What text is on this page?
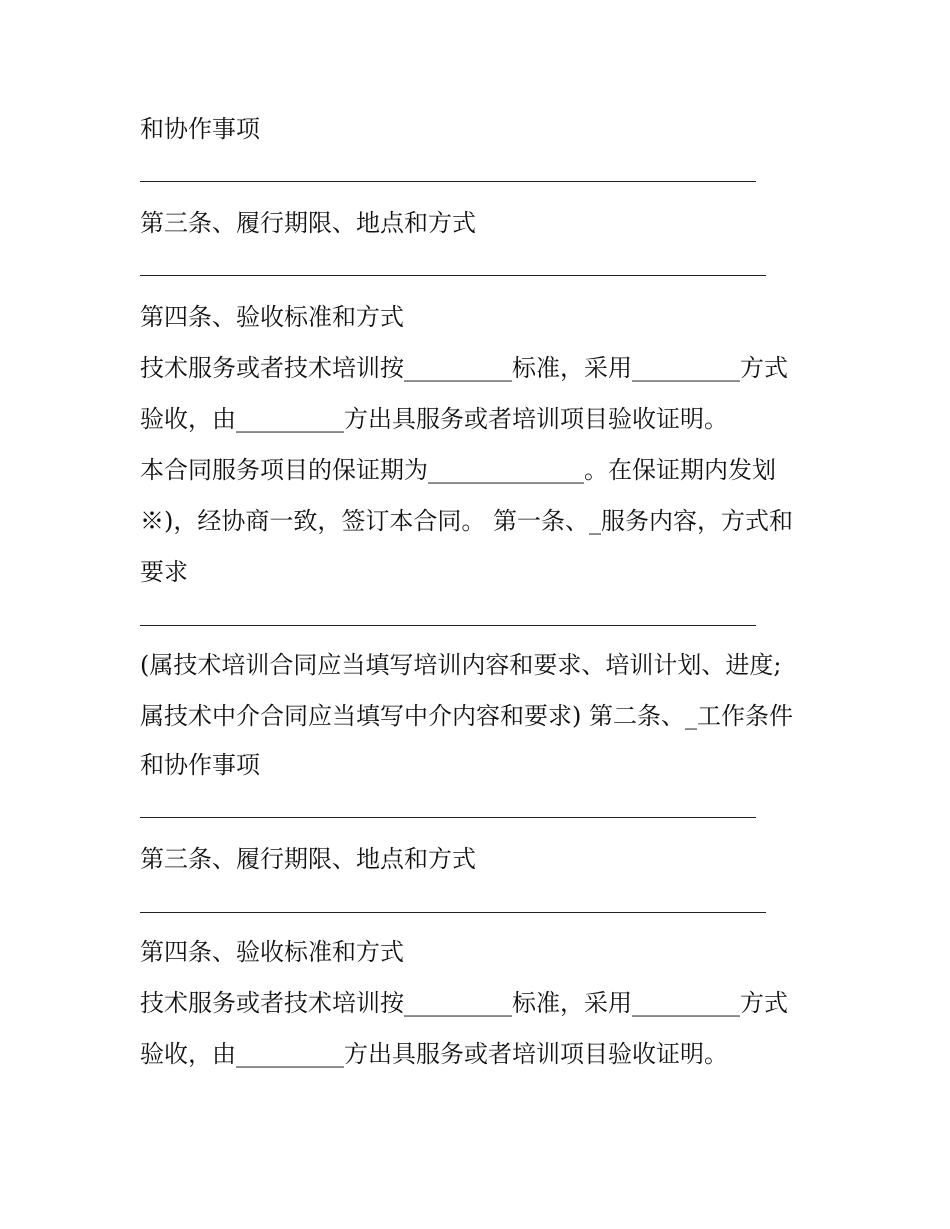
和协作事项
第三条、履行期限、地点和方式
第四条、验收标准和方式
技术服务或者技术培训按_________标准，采用_________方式
验收，由_________方出具服务或者培训项目验收证明。
本合同服务项目的保证期为_____________。在保证期内发划
※)，经协商一致，签订本合同。 第一条、_服务内容，方式和
要求
(属技术培训合同应当填写培训内容和要求、培训计划、进度;
属技术中介合同应当填写中介内容和要求) 第二条、_工作条件
和协作事项
第三条、履行期限、地点和方式
第四条、验收标准和方式
技术服务或者技术培训按_________标准，采用_________方式
验收，由_________方出具服务或者培训项目验收证明。
